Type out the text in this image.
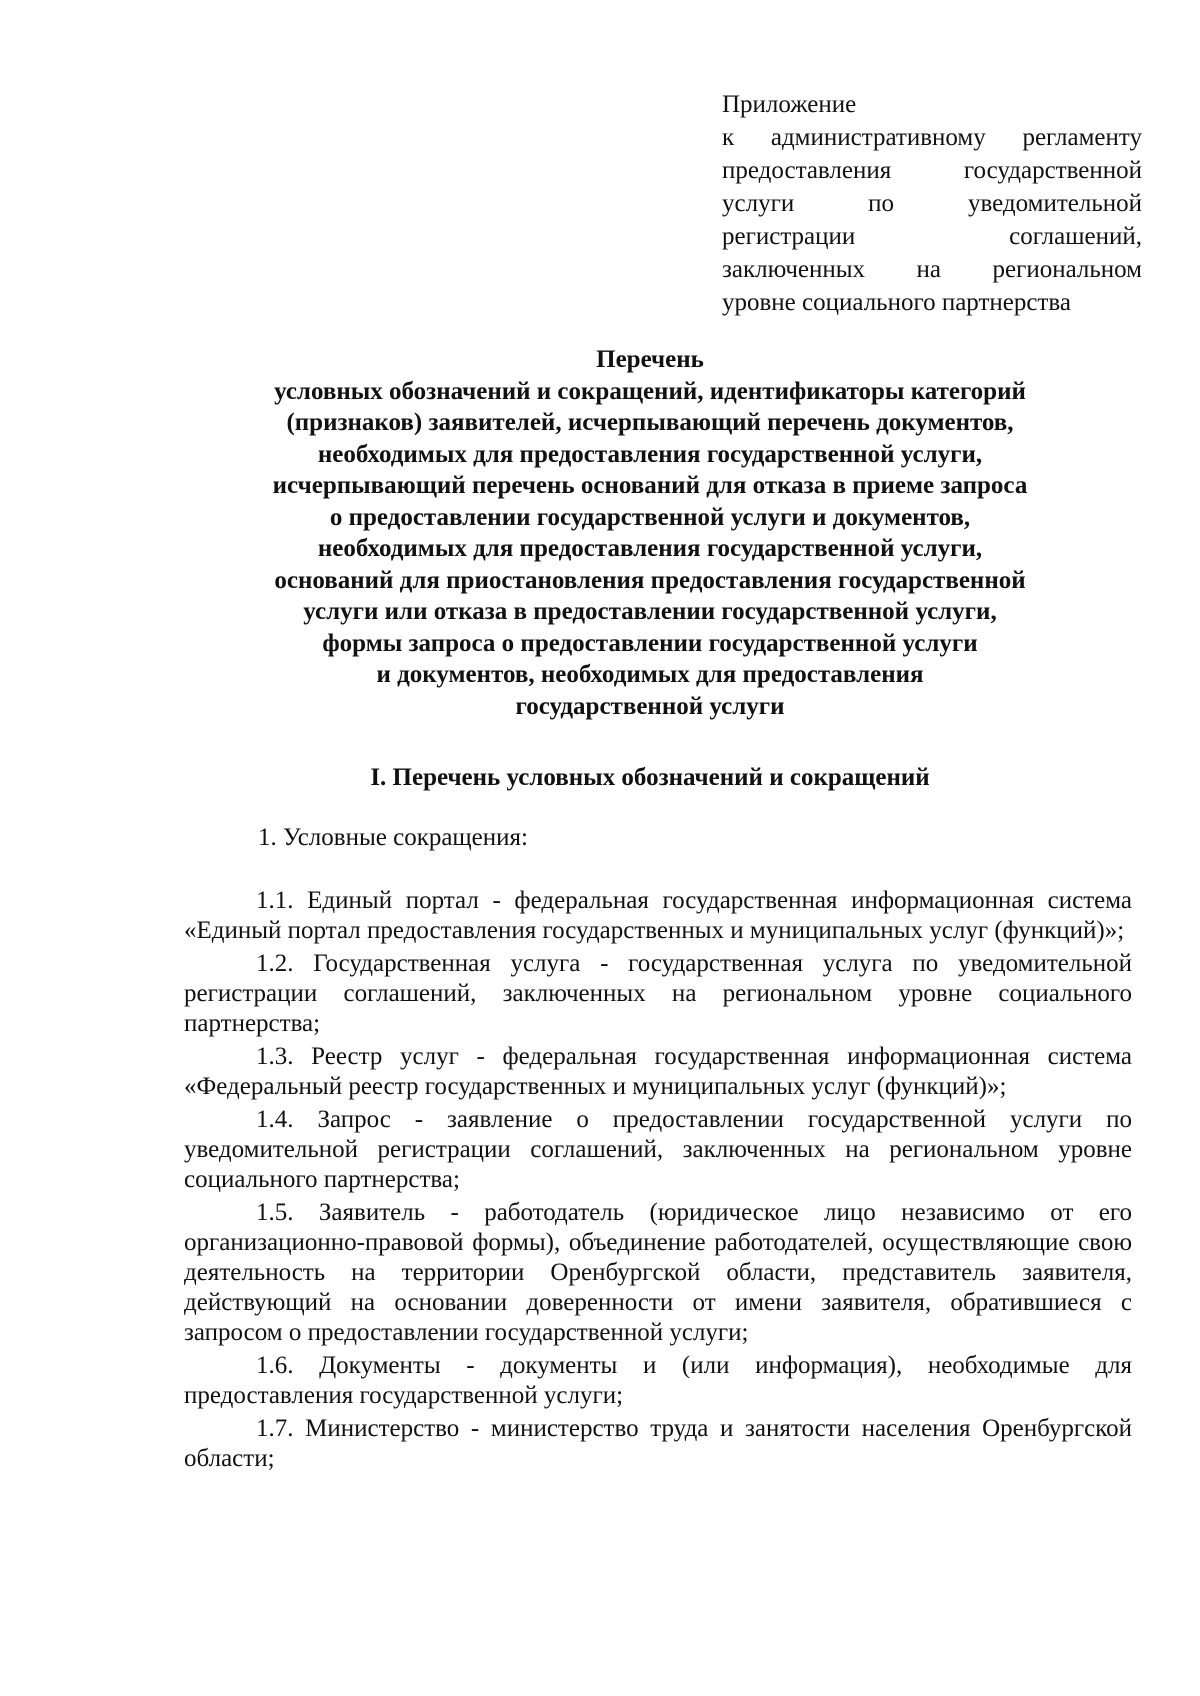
Приложение
к административному регламенту
предоставления государственной
услуги по уведомительной
регистрации соглашений,
заключенных на региональном
уровне социального партнерства
Перечень
условных обозначений и сокращений, идентификаторы категорий
(признаков) заявителей, исчерпывающий перечень документов,
необходимых для предоставления государственной услуги,
исчерпывающий перечень оснований для отказа в приеме запроса
о предоставлении государственной услуги и документов,
необходимых для предоставления государственной услуги,
оснований для приостановления предоставления государственной
услуги или отказа в предоставлении государственной услуги,
формы запроса о предоставлении государственной услуги
и документов, необходимых для предоставления
государственной услуги
I. Перечень условных обозначений и сокращений
1. Условные сокращения:

1.1. Единый портал - федеральная государственная информационная система «Единый портал предоставления государственных и муниципальных услуг (функций)»;

1.2. Государственная услуга - государственная услуга по уведомительной регистрации соглашений, заключенных на региональном уровне социального партнерства;

1.3. Реестр услуг - федеральная государственная информационная система «Федеральный реестр государственных и муниципальных услуг (функций)»;

1.4. Запрос - заявление о предоставлении государственной услуги по уведомительной регистрации соглашений, заключенных на региональном уровне социального партнерства;

1.5. Заявитель - работодатель (юридическое лицо независимо от его организационно-правовой формы), объединение работодателей, осуществляющие свою деятельность на территории Оренбургской области, представитель заявителя, действующий на основании доверенности от имени заявителя, обратившиеся с запросом о предоставлении государственной услуги;

1.6. Документы - документы и (или информация), необходимые для предоставления государственной услуги;

1.7. Министерство - министерство труда и занятости населения Оренбургской области;
